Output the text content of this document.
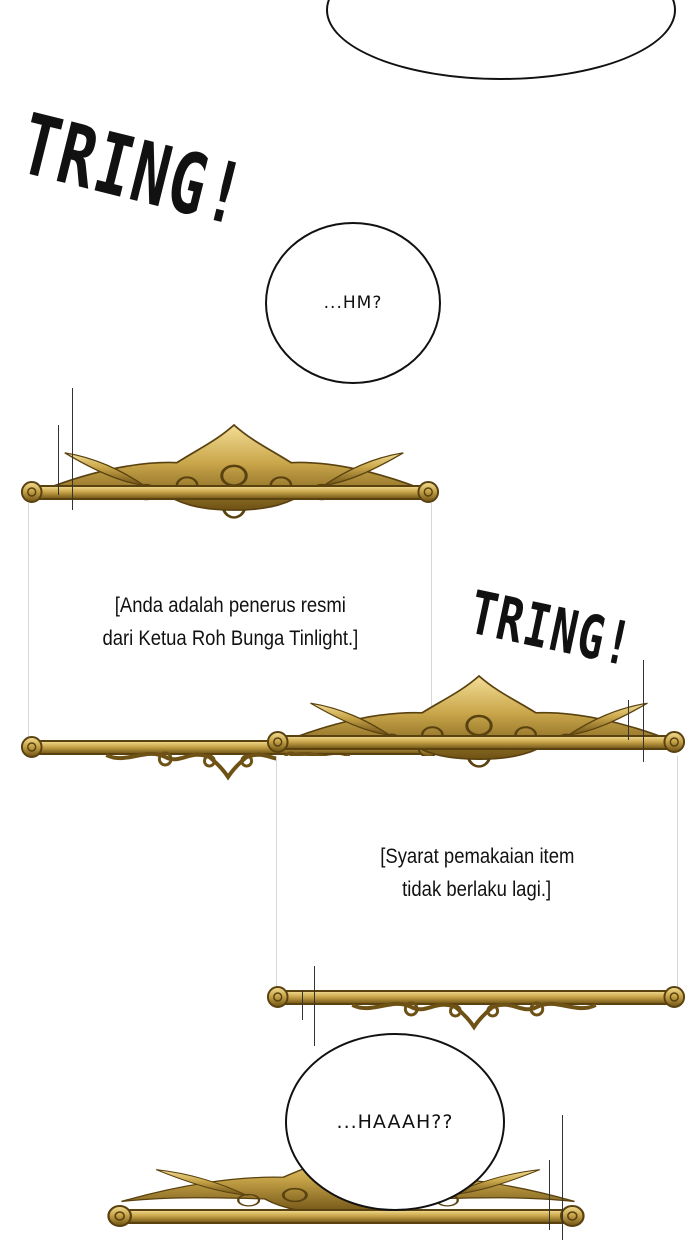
TRING!
...HM?
[Anda adalah penerus resmi
dari Ketua Roh Bunga Tinlight.] TRING!
[Syarat pemakaian item
tidak berlaku lagi.]
...HAAAH??
